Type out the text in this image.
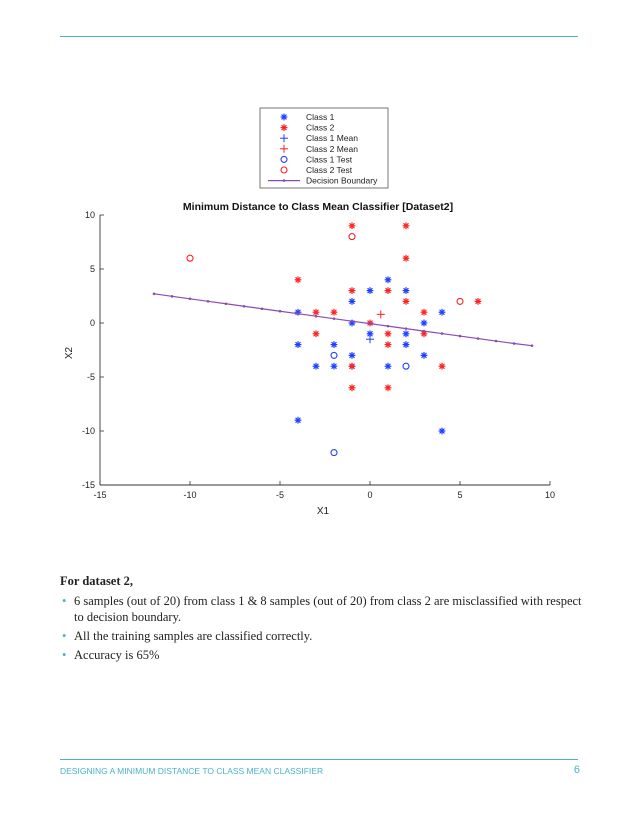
Class 1
Class 2
Class 1 Mean
Class 2 Mean
Class 1 Test
Class 2 Test
Decision Boundary
Minimum Distance to Class Mean Classifier [Dataset2]
-15	-10	-5	0	5	10
10
5
0
-5
-10
-15
X1
X2
For dataset 2,
• 6 samples (out of 20) from class 1 & 8 samples (out of 20) from class 2 are misclassified with respect to decision boundary.
• All the training samples are classified correctly.
• Accuracy is 65%
DESIGNING A MINIMUM DISTANCE TO CLASS MEAN CLASSIFIER	6
